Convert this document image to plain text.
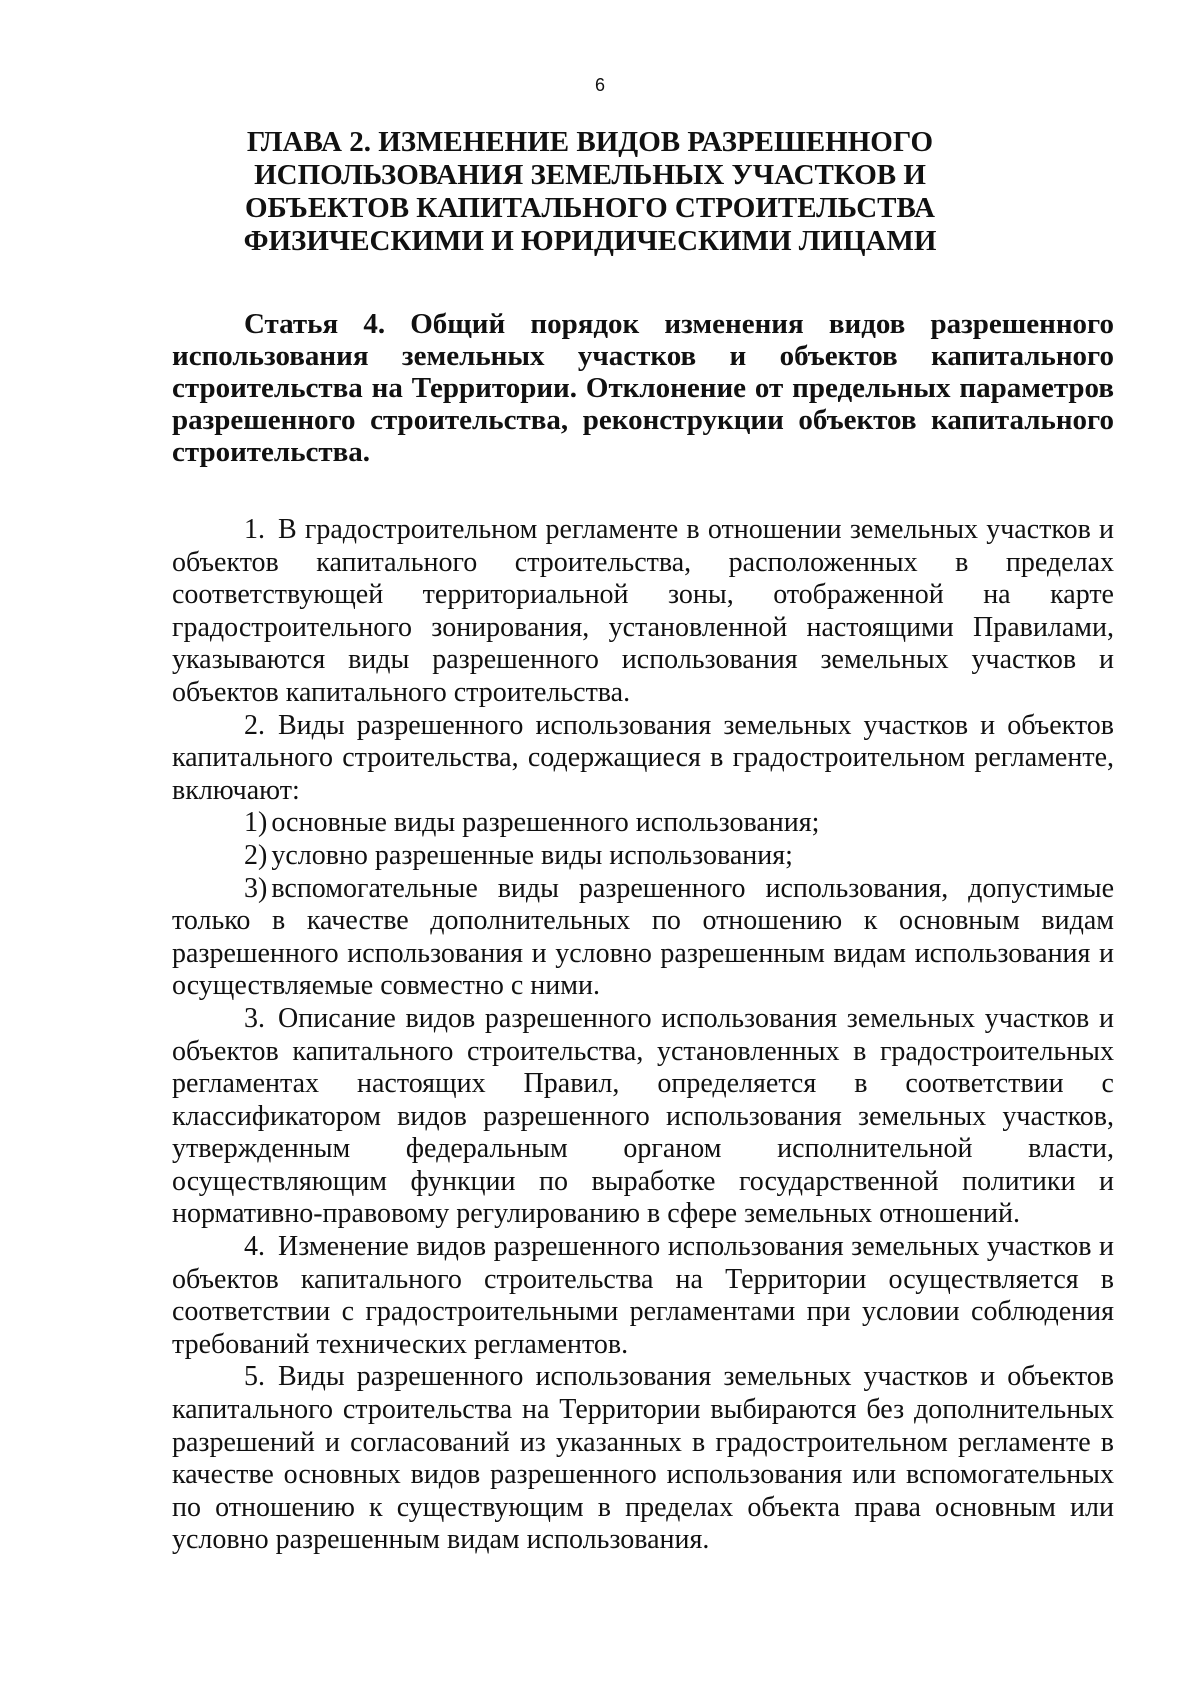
6
ГЛАВА 2. ИЗМЕНЕНИЕ ВИДОВ РАЗРЕШЕННОГО ИСПОЛЬЗОВАНИЯ ЗЕМЕЛЬНЫХ УЧАСТКОВ И ОБЪЕКТОВ КАПИТАЛЬНОГО СТРОИТЕЛЬСТВА ФИЗИЧЕСКИМИ И ЮРИДИЧЕСКИМИ ЛИЦАМИ
Статья 4. Общий порядок изменения видов разрешенного использования земельных участков и объектов капитального строительства на Территории. Отклонение от предельных параметров разрешенного строительства, реконструкции объектов капитального строительства.

1. В градостроительном регламенте в отношении земельных участков и объектов капитального строительства, расположенных в пределах соответствующей территориальной зоны, отображенной на карте градостроительного зонирования, установленной настоящими Правилами, указываются виды разрешенного использования земельных участков и объектов капитального строительства.

2. Виды разрешенного использования земельных участков и объектов капитального строительства, содержащиеся в градостроительном регламенте, включают:

1) основные виды разрешенного использования;

2) условно разрешенные виды использования;

3) вспомогательные виды разрешенного использования, допустимые только в качестве дополнительных по отношению к основным видам разрешенного использования и условно разрешенным видам использования и осуществляемые совместно с ними.

3. Описание видов разрешенного использования земельных участков и объектов капитального строительства, установленных в градостроительных регламентах настоящих Правил, определяется в соответствии с классификатором видов разрешенного использования земельных участков, утвержденным федеральным органом исполнительной власти, осуществляющим функции по выработке государственной политики и нормативно-правовому регулированию в сфере земельных отношений.

4. Изменение видов разрешенного использования земельных участков и объектов капитального строительства на Территории осуществляется в соответствии с градостроительными регламентами при условии соблюдения требований технических регламентов.

5. Виды разрешенного использования земельных участков и объектов капитального строительства на Территории выбираются без дополнительных разрешений и согласований из указанных в градостроительном регламенте в качестве основных видов разрешенного использования или вспомогательных по отношению к существующим в пределах объекта права основным или условно разрешенным видам использования.
